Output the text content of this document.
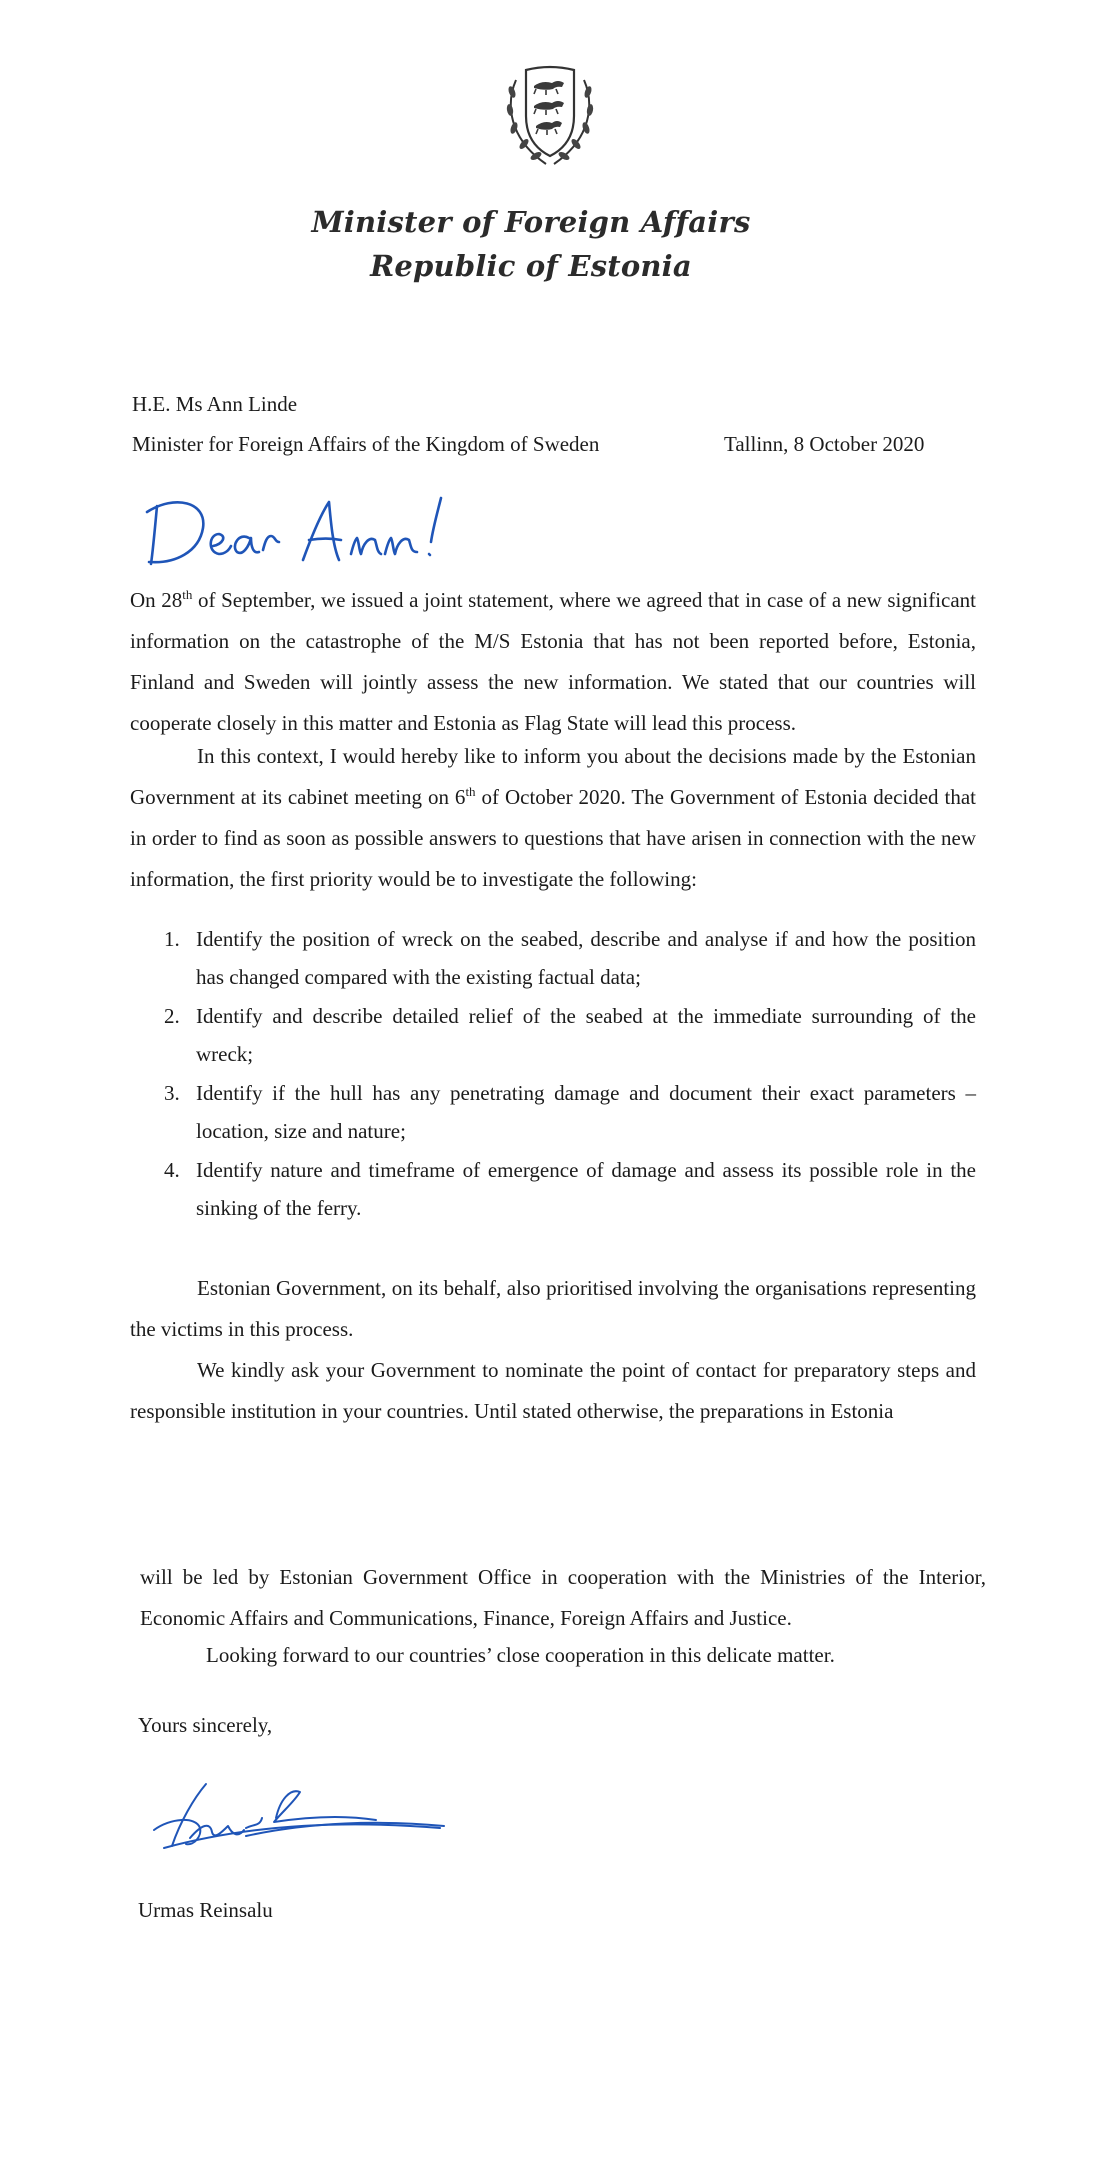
Minister of Foreign Affairs
Republic of Estonia
H.E. Ms Ann Linde
Minister for Foreign Affairs of the Kingdom of Sweden	Tallinn, 8 October 2020
On 28th of September, we issued a joint statement, where we agreed that in case of a new significant information on the catastrophe of the M/S Estonia that has not been reported before, Estonia, Finland and Sweden will jointly assess the new information. We stated that our countries will cooperate closely in this matter and Estonia as Flag State will lead this process.
In this context, I would hereby like to inform you about the decisions made by the Estonian Government at its cabinet meeting on 6th of October 2020. The Government of Estonia decided that in order to find as soon as possible answers to questions that have arisen in connection with the new information, the first priority would be to investigate the following:
1. Identify the position of wreck on the seabed, describe and analyse if and how the position has changed compared with the existing factual data;
2. Identify and describe detailed relief of the seabed at the immediate surrounding of the wreck;
3. Identify if the hull has any penetrating damage and document their exact parameters – location, size and nature;
4. Identify nature and timeframe of emergence of damage and assess its possible role in the sinking of the ferry.
Estonian Government, on its behalf, also prioritised involving the organisations representing the victims in this process.
We kindly ask your Government to nominate the point of contact for preparatory steps and responsible institution in your countries. Until stated otherwise, the preparations in Estonia
will be led by Estonian Government Office in cooperation with the Ministries of the Interior, Economic Affairs and Communications, Finance, Foreign Affairs and Justice.
Looking forward to our countries’ close cooperation in this delicate matter.
Yours sincerely,
Urmas Reinsalu
